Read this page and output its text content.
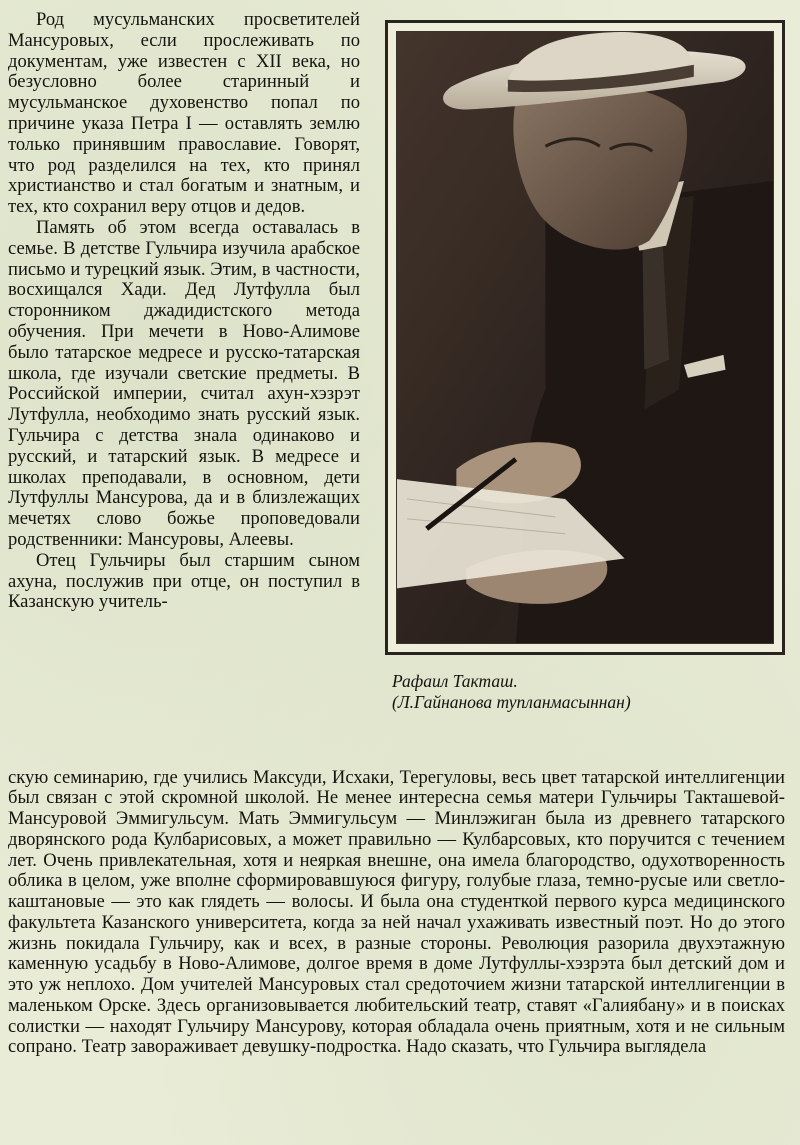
Род мусульманских просветителей Мансуровых, если прослеживать по документам, уже известен с XII века, но безусловно более старинный и мусульманское духовенство попал по причине указа Петра I — оставлять землю только принявшим православие. Говорят, что род разделился на тех, кто принял христианство и стал богатым и знатным, и тех, кто сохранил веру отцов и дедов.

Память об этом всегда оставалась в семье. В детстве Гульчира изучила арабское письмо и турецкий язык. Этим, в частности, восхищался Хади. Дед Лутфулла был сторонником джадидистского метода обучения. При мечети в Ново-Алимове было татарское медресе и русско-татарская школа, где изучали светские предметы. В Российской империи, считал ахун-хэзрэт Лутфулла, необходимо знать русский язык. Гульчира с детства знала одинаково и русский, и татарский язык. В медресе и школах преподавали, в основном, дети Лутфуллы Мансурова, да и в близлежащих мечетях слово божье проповедовали родственники: Мансуровы, Алеевы.

Отец Гульчиры был старшим сыном ахуна, послужив при отце, он поступил в Казанскую учитель-

Рафаил Такташ.
(Л.Гайнанова тупланмасыннан)

скую семинарию, где учились Максуди, Исхаки, Терегуловы, весь цвет татарской интеллигенции был связан с этой скромной школой. Не менее интересна семья матери Гульчиры Такташевой-Мансуровой Эммигульсум. Мать Эммигульсум — Минлэжиган была из древнего татарского дворянского рода Кулбарисовых, а может правильно — Кулбарсовых, кто поручится с течением лет. Очень привлекательная, хотя и неяркая внешне, она имела благородство, одухотворенность облика в целом, уже вполне сформировавшуюся фигуру, голубые глаза, темно-русые или светло-каштановые — это как глядеть — волосы. И была она студенткой первого курса медицинского факультета Казанского университета, когда за ней начал ухаживать известный поэт. Но до этого жизнь покидала Гульчиру, как и всех, в разные стороны. Революция разорила двухэтажную каменную усадьбу в Ново-Алимове, долгое время в доме Лутфуллы-хэзрэта был детский дом и это уж неплохо. Дом учителей Мансуровых стал средоточием жизни татарской интеллигенции в маленьком Орске. Здесь организовывается любительский театр, ставят «Галиябану» и в поисках солистки — находят Гульчиру Мансурову, которая обладала очень приятным, хотя и не сильным сопрано. Театр завораживает девушку-подростка. Надо сказать, что Гульчира выглядела
